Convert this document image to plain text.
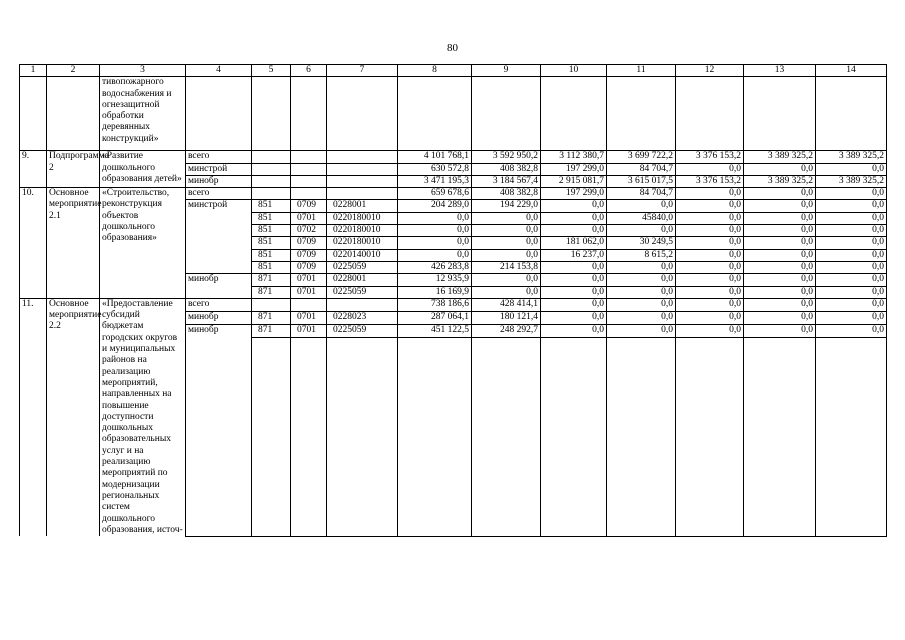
80
1	2	3	4	5	6	7	8	9	10	11	12	13	14
		тивопожарного водоснабжения и огнезащитной обработки деревянных конструкций»											
9.	Подпрограмма 2	«Развитие дошкольного образования детей»	всего				4 101 768,1	3 592 950,2	3 112 380,7	3 699 722,2	3 376 153,2	3 389 325,2	3 389 325,2
			минстрой				630 572,8	408 382,8	197 299,0	84 704,7	0,0	0,0	0,0
			минобр				3 471 195,3	3 184 567,4	2 915 081,7	3 615 017,5	3 376 153,2	3 389 325,2	3 389 325,2
10.	Основное мероприятие 2.1	«Строительство, реконструкция объектов дошкольного образования»	всего				659 678,6	408 382,8	197 299,0	84 704,7	0,0	0,0	0,0
			минстрой	851	0709	0228001	204 289,0	194 229,0	0,0	0,0	0,0	0,0	0,0
				851	0701	0220180010	0,0	0,0	0,0	45840,0	0,0	0,0	0,0
				851	0702	0220180010	0,0	0,0	0,0	0,0	0,0	0,0	0,0
				851	0709	0220180010	0,0	0,0	181 062,0	30 249,5	0,0	0,0	0,0
				851	0709	0220140010	0,0	0,0	16 237,0	8 615,2	0,0	0,0	0,0
				851	0709	0225059	426 283,8	214 153,8	0,0	0,0	0,0	0,0	0,0
			минобр	871	0701	0228001	12 935,9	0,0	0,0	0,0	0,0	0,0	0,0
				871	0701	0225059	16 169,9	0,0	0,0	0,0	0,0	0,0	0,0
11.	Основное мероприятие 2.2	«Предоставление субсидий бюджетам городских округов и муниципальных районов на реализацию мероприятий, направленных на повышение доступности дошкольных образовательных услуг и на реализацию мероприятий по модернизации региональных систем дошкольного образования, источ-	всего				738 186,6	428 414,1	0,0	0,0	0,0	0,0	0,0
			минобр	871	0701	0228023	287 064,1	180 121,4	0,0	0,0	0,0	0,0	0,0
			минобр	871	0701	0225059	451 122,5	248 292,7	0,0	0,0	0,0	0,0	0,0
